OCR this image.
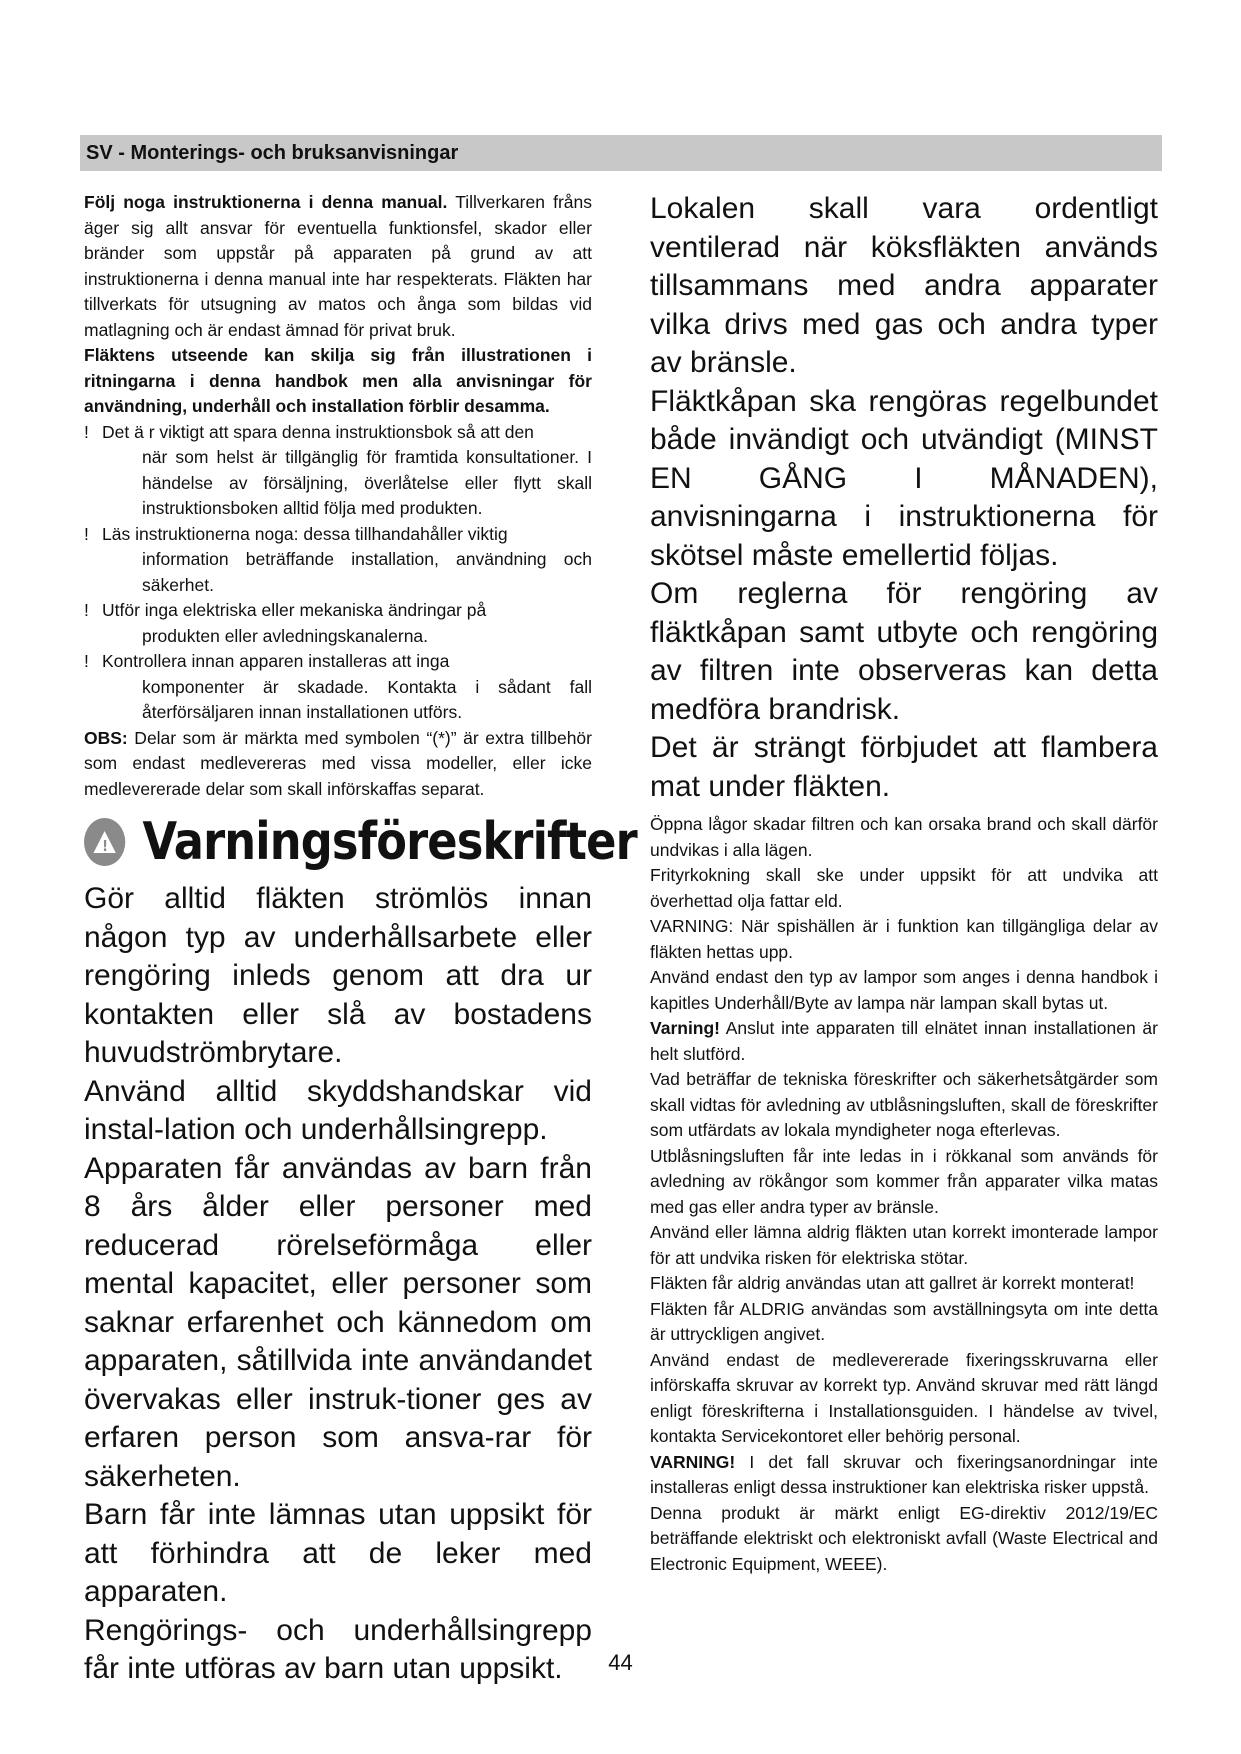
SV - Monterings- och bruksanvisningar

Följ noga instruktionerna i denna manual. Tillverkaren fråns äger sig allt ansvar för eventuella funktionsfel, skador eller bränder som uppstår på apparaten på grund av att instruktionerna i denna manual inte har respekterats. Fläkten har tillverkats för utsugning av matos och ånga som bildas vid matlagning och är endast ämnad för privat bruk.

Fläktens utseende kan skilja sig från illustrationen i ritningarna i denna handbok men alla anvisningar för användning, underhåll och installation förblir desamma.

! Det ä r viktigt att spara denna instruktionsbok så att den
när som helst är tillgänglig för framtida konsultationer. I händelse av försäljning, överlåtelse eller flytt skall instruktionsboken alltid följa med produkten.
! Läs instruktionerna noga: dessa tillhandahåller viktig
information beträffande installation, användning och säkerhet.
! Utför inga elektriska eller mekaniska ändringar på
produkten eller avledningskanalerna.
! Kontrollera innan apparen installeras att inga
komponenter är skadade. Kontakta i sådant fall återförsäljaren innan installationen utförs.

OBS: Delar som är märkta med symbolen “(*)” är extra tillbehör som endast medlevereras med vissa modeller, eller icke medlevererade delar som skall införskaffas separat.

! Varningsföreskrifter

Gör alltid fläkten strömlös innan någon typ av underhållsarbete eller rengöring inleds genom att dra ur kontakten eller slå av bostadens huvudströmbrytare.

Använd alltid skyddshandskar vid instal-lation och underhållsingrepp.

Apparaten får användas av barn från 8 års ålder eller personer med reducerad rörelseförmåga eller mental kapacitet, eller personer som saknar erfarenhet och kännedom om apparaten, såtillvida inte användandet övervakas eller instruk-tioner ges av erfaren person som ansva-rar för säkerheten.

Barn får inte lämnas utan uppsikt för att förhindra att de leker med apparaten.

Rengörings- och underhållsingrepp får inte utföras av barn utan uppsikt.

Lokalen skall vara ordentligt ventilerad när köksfläkten används tillsammans med andra apparater vilka drivs med gas och andra typer av bränsle.

Fläktkåpan ska rengöras regelbundet både invändigt och utvändigt (MINST EN GÅNG I MÅNADEN), anvisningarna i instruktionerna för skötsel måste emellertid följas.

Om reglerna för rengöring av fläktkåpan samt utbyte och rengöring av filtren inte observeras kan detta medföra brandrisk.

Det är strängt förbjudet att flambera mat under fläkten.

Öppna lågor skadar filtren och kan orsaka brand och skall därför undvikas i alla lägen.

Frityrkokning skall ske under uppsikt för att undvika att överhettad olja fattar eld.

VARNING: När spishällen är i funktion kan tillgängliga delar av fläkten hettas upp.

Använd endast den typ av lampor som anges i denna handbok i kapitles Underhåll/Byte av lampa när lampan skall bytas ut.

Varning! Anslut inte apparaten till elnätet innan installationen är helt slutförd.

Vad beträffar de tekniska föreskrifter och säkerhetsåtgärder som skall vidtas för avledning av utblåsningsluften, skall de föreskrifter som utfärdats av lokala myndigheter noga efterlevas.

Utblåsningsluften får inte ledas in i rökkanal som används för avledning av rökångor som kommer från apparater vilka matas med gas eller andra typer av bränsle.

Använd eller lämna aldrig fläkten utan korrekt imonterade lampor för att undvika risken för elektriska stötar.

Fläkten får aldrig användas utan att gallret är korrekt monterat!

Fläkten får ALDRIG användas som avställningsyta om inte detta är uttryckligen angivet.

Använd endast de medlevererade fixeringsskruvarna eller införskaffa skruvar av korrekt typ. Använd skruvar med rätt längd enligt föreskrifterna i Installationsguiden. I händelse av tvivel, kontakta Servicekontoret eller behörig personal.

VARNING! I det fall skruvar och fixeringsanordningar inte installeras enligt dessa instruktioner kan elektriska risker uppstå.

Denna produkt är märkt enligt EG-direktiv 2012/19/EC beträffande elektriskt och elektroniskt avfall (Waste Electrical and Electronic Equipment, WEEE).

44
